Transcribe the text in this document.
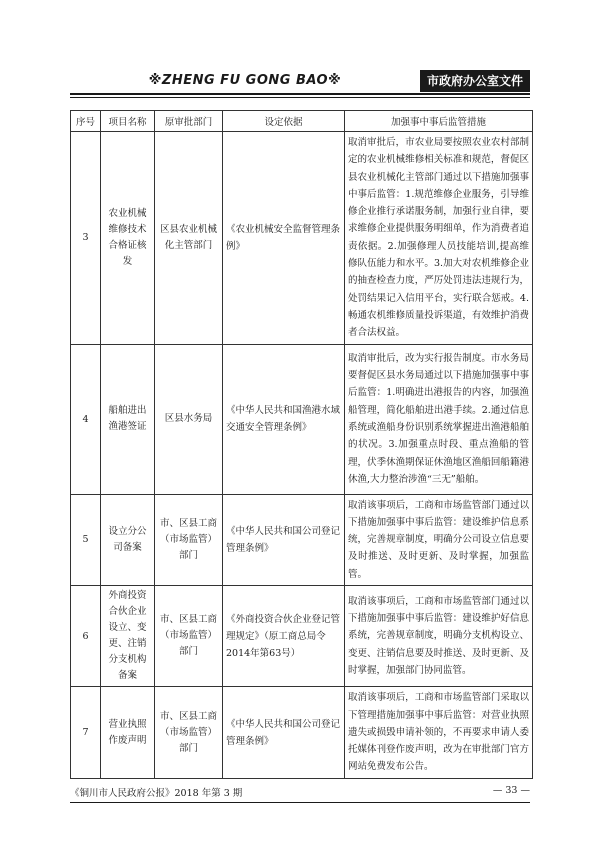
※ZHENG FU GONG BAO※	市政府办公室文件
序号	项目名称	原审批部门	设定依据	加强事中事后监管措施
3	农业机械维修技术合格证核发	区县农业机械化主管部门	《农业机械安全监督管理条例》	取消审批后，市农业局要按照农业农村部制定的农业机械维修相关标准和规范，督促区县农业机械化主管部门通过以下措施加强事中事后监管：1.规范维修企业服务，引导维修企业推行承诺服务制，加强行业自律，要求维修企业提供服务明细单，作为消费者追责依据。2.加强修理人员技能培训,提高维修队伍能力和水平。3.加大对农机维修企业的抽查检查力度，严厉处罚违法违规行为，处罚结果记入信用平台，实行联合惩戒。4.畅通农机维修质量投诉渠道，有效维护消费者合法权益。
4	船舶进出渔港签证	区县水务局	《中华人民共和国渔港水域交通安全管理条例》	取消审批后，改为实行报告制度。市水务局要督促区县水务局通过以下措施加强事中事后监管：1.明确进出港报告的内容，加强渔船管理，简化船舶进出港手续。2.通过信息系统或渔船身份识别系统掌握进出渔港船舶的状况。3.加强重点时段、重点渔船的管理，伏季休渔期保证休渔地区渔船回船籍港休渔,大力整治涉渔“三无”船舶。
5	设立分公司备案	市、区县工商（市场监管）部门	《中华人民共和国公司登记管理条例》	取消该事项后，工商和市场监管部门通过以下措施加强事中事后监管：建设维护信息系统，完善规章制度，明确分公司设立信息要及时推送、及时更新、及时掌握，加强监管。
6	外商投资合伙企业设立、变更、注销分支机构备案	市、区县工商（市场监管）部门	《外商投资合伙企业登记管理规定》（原工商总局令2014年第63号）	取消该事项后，工商和市场监管部门通过以下措施加强事中事后监管：建设维护好信息系统，完善规章制度，明确分支机构设立、变更、注销信息要及时推送、及时更新、及时掌握，加强部门协同监管。
7	营业执照作废声明	市、区县工商（市场监管）部门	《中华人民共和国公司登记管理条例》	取消该事项后，工商和市场监管部门采取以下管理措施加强事中事后监管：对营业执照遗失或损毁申请补领的，不再要求申请人委托媒体刊登作废声明，改为在审批部门官方网站免费发布公告。
《铜川市人民政府公报》2018 年第 3 期	— 33 —
